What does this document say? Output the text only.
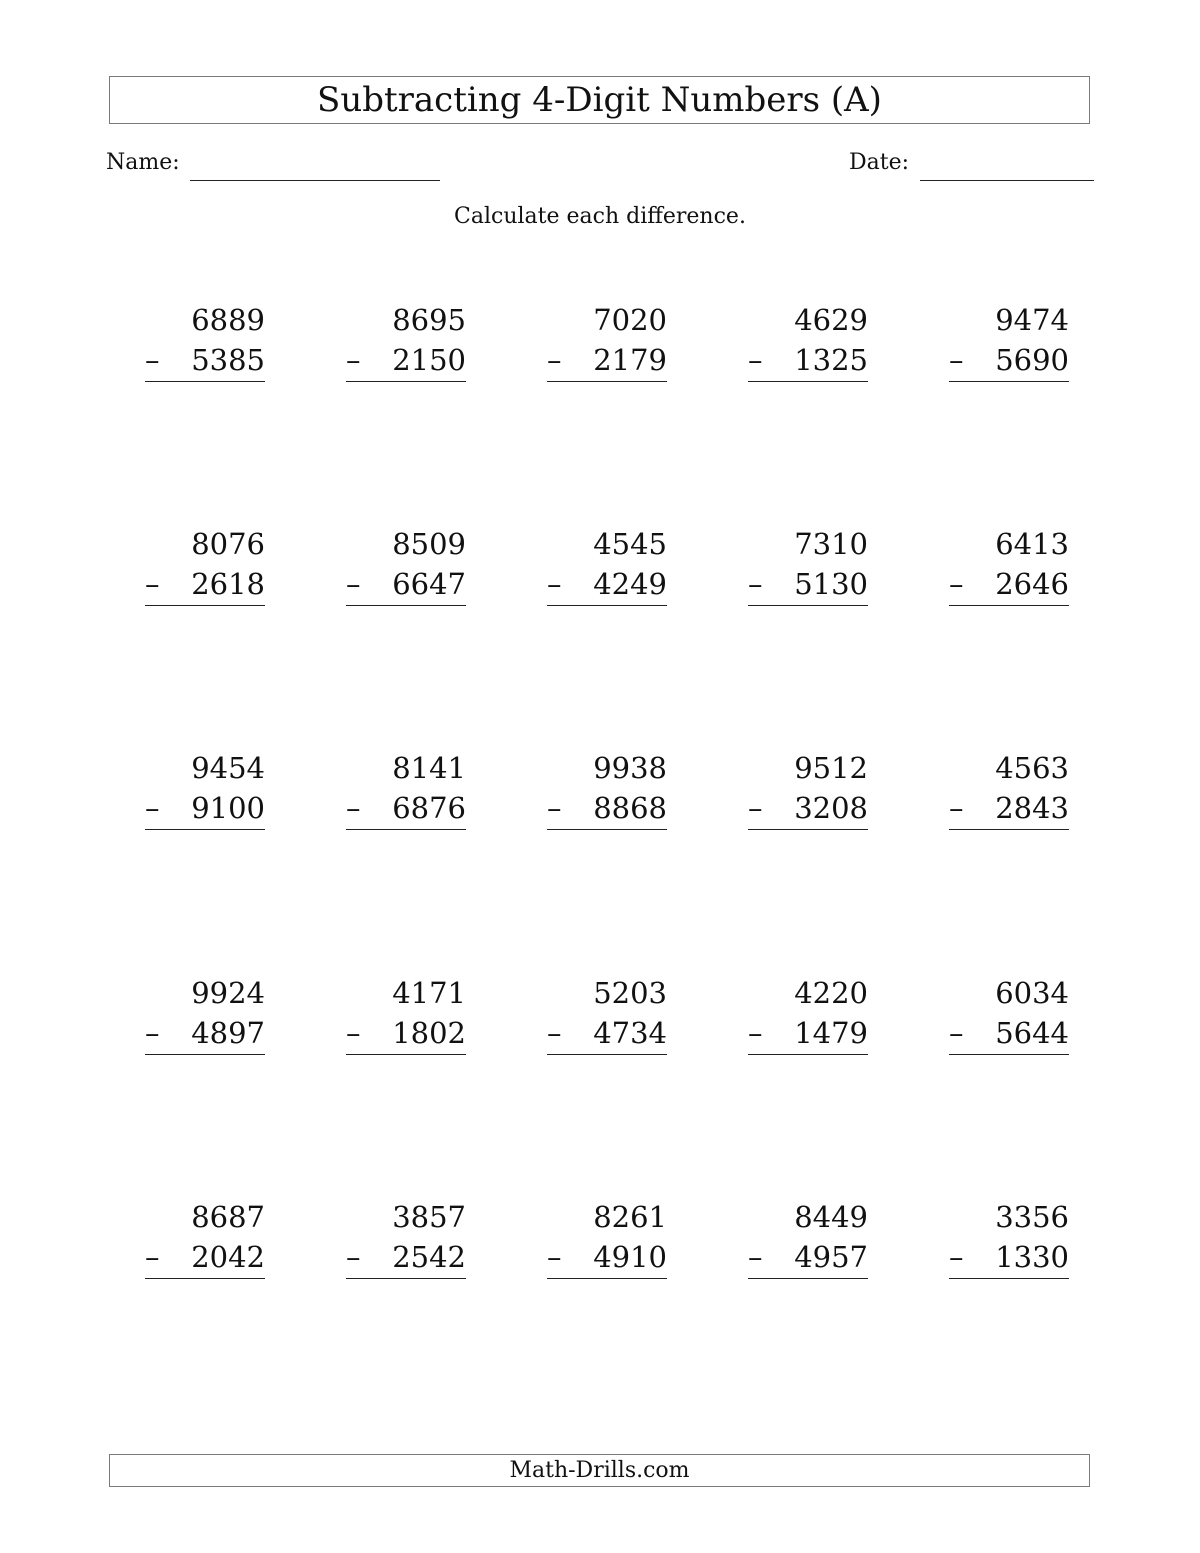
Subtracting 4-Digit Numbers (A)
Name:	Date:
Calculate each difference.
6889
– 5385
8695
– 2150
7020
– 2179
4629
– 1325
9474
– 5690
8076
– 2618
8509
– 6647
4545
– 4249
7310
– 5130
6413
– 2646
9454
– 9100
8141
– 6876
9938
– 8868
9512
– 3208
4563
– 2843
9924
– 4897
4171
– 1802
5203
– 4734
4220
– 1479
6034
– 5644
8687
– 2042
3857
– 2542
8261
– 4910
8449
– 4957
3356
– 1330
Math-Drills.com
